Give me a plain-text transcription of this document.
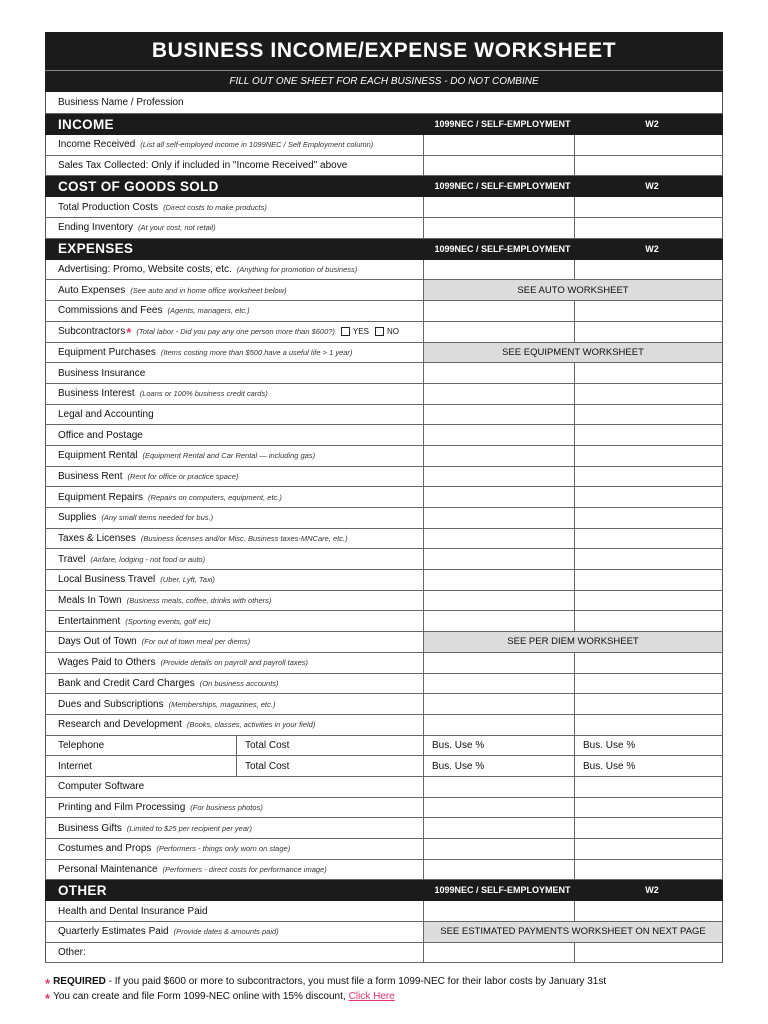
BUSINESS INCOME/EXPENSE WORKSHEET
FILL OUT ONE SHEET FOR EACH BUSINESS - DO NOT COMBINE
Business Name / Profession
INCOME	1099NEC / SELF-EMPLOYMENT	W2
Income Received (List all self-employed income in 1099NEC / Self Employment column)
Sales Tax Collected: Only if included in "Income Received" above
COST OF GOODS SOLD	1099NEC / SELF-EMPLOYMENT	W2
Total Production Costs (Direct costs to make products)
Ending Inventory (At your cost, not retail)
EXPENSES	1099NEC / SELF-EMPLOYMENT	W2
Advertising: Promo, Website costs, etc. (Anything for promotion of business)
Auto Expenses (See auto and in home office worksheet below)	SEE AUTO WORKSHEET
Commissions and Fees (Agents, managers, etc.)
Subcontractors * (Total labor - Did you pay any one person more than $600?) YES NO
Equipment Purchases (Items costing more than $500 have a useful life > 1 year)	SEE EQUIPMENT WORKSHEET
Business Insurance
Business Interest (Loans or 100% business credit cards)
Legal and Accounting
Office and Postage
Equipment Rental (Equipment Rental and Car Rental — including gas)
Business Rent (Rent for office or practice space)
Equipment Repairs (Repairs on computers, equipment, etc.)
Supplies (Any small items needed for bus.)
Taxes & Licenses (Business licenses and/or Misc. Business taxes-MNCare, etc.)
Travel (Airfare, lodging - not food or auto)
Local Business Travel (Uber, Lyft, Taxi)
Meals In Town (Business meals, coffee, drinks with others)
Entertainment (Sporting events, golf etc)
Days Out of Town (For out of town meal per diems)	SEE PER DIEM WORKSHEET
Wages Paid to Others (Provide details on payroll and payroll taxes)
Bank and Credit Card Charges (On business accounts)
Dues and Subscriptions (Memberships, magazines, etc.)
Research and Development (Books, classes, activities in your field)
Telephone	Total Cost	Bus. Use %	Bus. Use %
Internet	Total Cost	Bus. Use %	Bus. Use %
Computer Software
Printing and Film Processing (For business photos)
Business Gifts (Limited to $25 per recipient per year)
Costumes and Props (Performers - things only worn on stage)
Personal Maintenance (Performers - direct costs for performance image)
OTHER	1099NEC / SELF-EMPLOYMENT	W2
Health and Dental Insurance Paid
Quarterly Estimates Paid (Provide dates & amounts paid)	SEE ESTIMATED PAYMENTS WORKSHEET ON NEXT PAGE
Other:
* REQUIRED
- If you paid $600 or more to subcontractors, you must file a form 1099-NEC for their labor costs by January 31st
* You can create and file Form 1099-NEC online with 15% discount, Click Here
